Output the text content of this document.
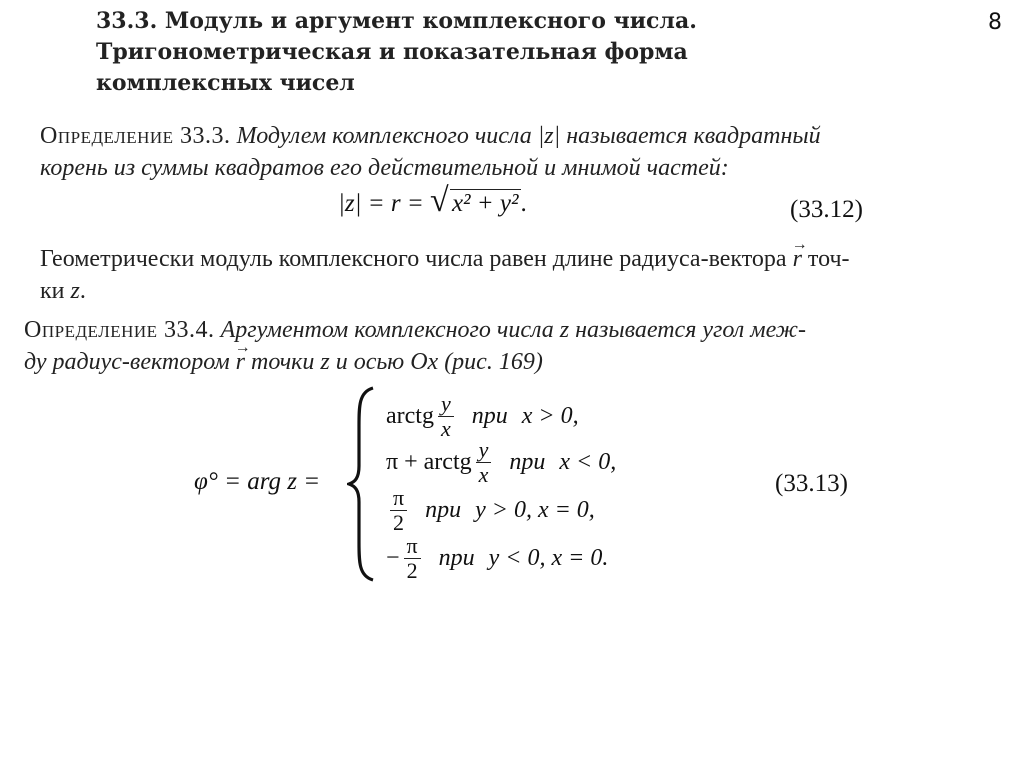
8
33.3. Модуль и аргумент комплексного числа.
Тригонометрическая и показательная форма
комплексных чисел
Определение 33.3. Модулем комплексного числа |z| называется квадратный
корень из суммы квадратов его действительной и мнимой частей:
|z| = r = √ x² + y².	(33.12)
Геометрически модуль комплексного числа равен длине радиуса-вектора → r точ-
ки z.
Определение 33.4. Аргументом комплексного числа z называется угол меж-
ду радиус-вектором → r точки z и осью Ox (рис. 169)
φ° = arg z =
arctg $\frac{y}{x}$ при x > 0,
π + arctg $\frac{y}{x}$ при x < 0,
$\frac{\pi}{2}$ при y > 0, x = 0,
− $\frac{\pi}{2}$ при y < 0, x = 0.
(33.13)
